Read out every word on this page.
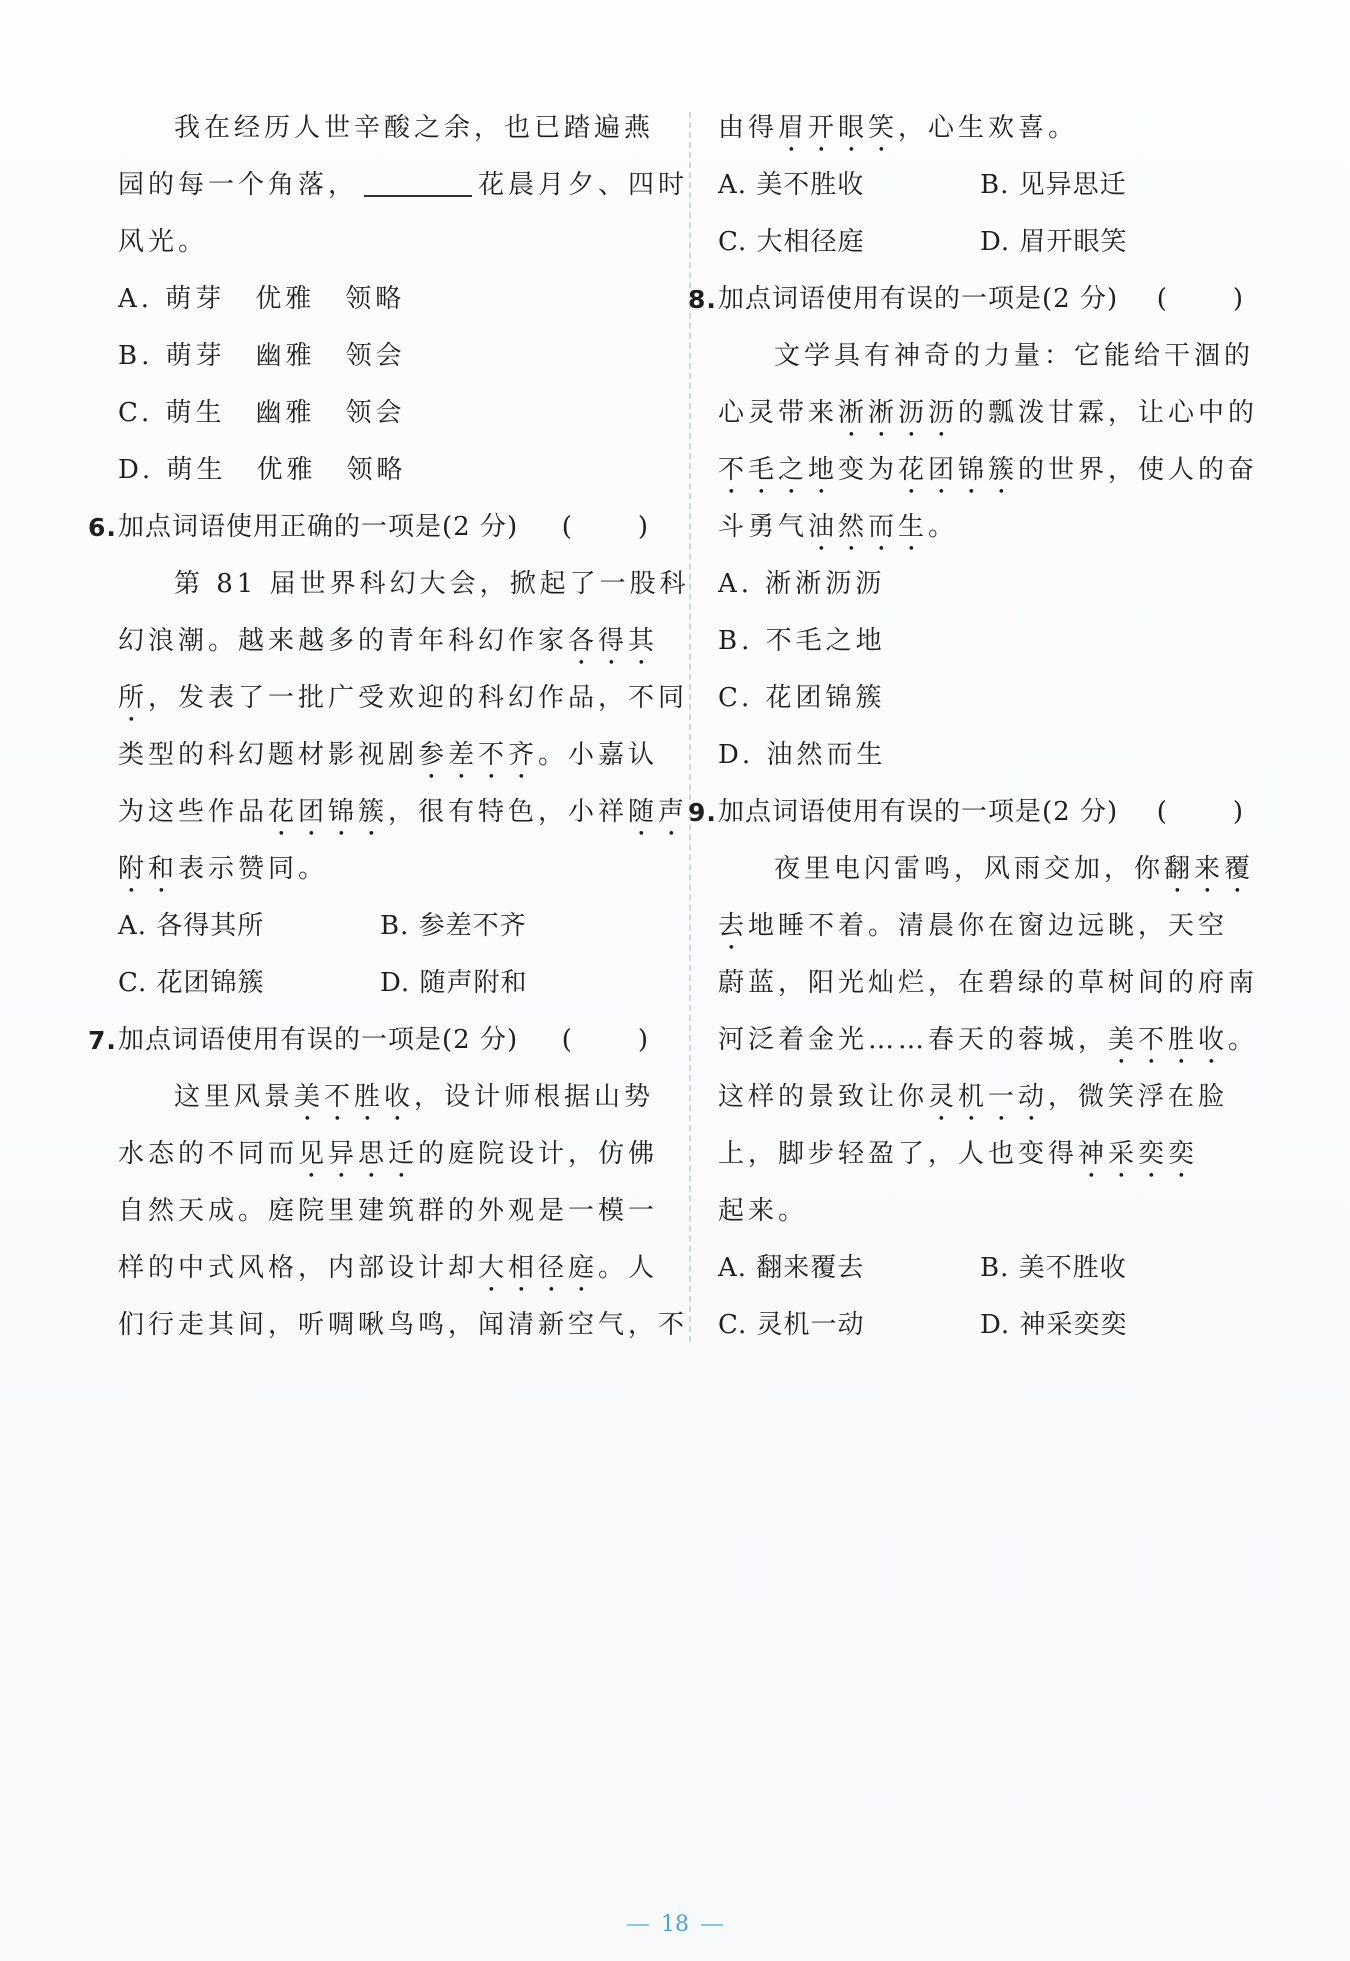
我在经历人世辛酸之余，也已踏遍燕
园的每一个角落，	花晨月夕、四时
风光。
A. 萌芽　优雅　领略
B. 萌芽　幽雅　领会
C. 萌生　幽雅　领会
D. 萌生　优雅　领略
6. 加点词语使用正确的一项是(2 分) (　)
第 81 届世界科幻大会，掀起了一股科
幻浪潮。越来越多的青年科幻作家各得其
所，发表了一批广受欢迎的科幻作品，不同
类型的科幻题材影视剧参差不齐。小嘉认
为这些作品花团锦簇，很有特色，小祥随声
附和表示赞同。
A. 各得其所	B. 参差不齐
C. 花团锦簇	D. 随声附和
7. 加点词语使用有误的一项是(2 分) (　)
这里风景美不胜收，设计师根据山势
水态的不同而见异思迁的庭院设计，仿佛
自然天成。庭院里建筑群的外观是一模一
样的中式风格，内部设计却大相径庭。人
们行走其间，听啁啾鸟鸣，闻清新空气，不
由得眉开眼笑，心生欢喜。
A. 美不胜收	B. 见异思迁
C. 大相径庭	D. 眉开眼笑
8. 加点词语使用有误的一项是(2 分) (　)
文学具有神奇的力量：它能给干涸的
心灵带来淅淅沥沥的瓢泼甘霖，让心中的
不毛之地变为花团锦簇的世界，使人的奋
斗勇气油然而生。
A. 淅淅沥沥
B. 不毛之地
C. 花团锦簇
D. 油然而生
9. 加点词语使用有误的一项是(2 分) (　)
夜里电闪雷鸣，风雨交加，你翻来覆
去地睡不着。清晨你在窗边远眺，天空
蔚蓝，阳光灿烂，在碧绿的草树间的府南
河泛着金光……春天的蓉城，美不胜收。
这样的景致让你灵机一动，微笑浮在脸
上，脚步轻盈了，人也变得神采奕奕
起来。
A. 翻来覆去	B. 美不胜收
C. 灵机一动	D. 神采奕奕
18
